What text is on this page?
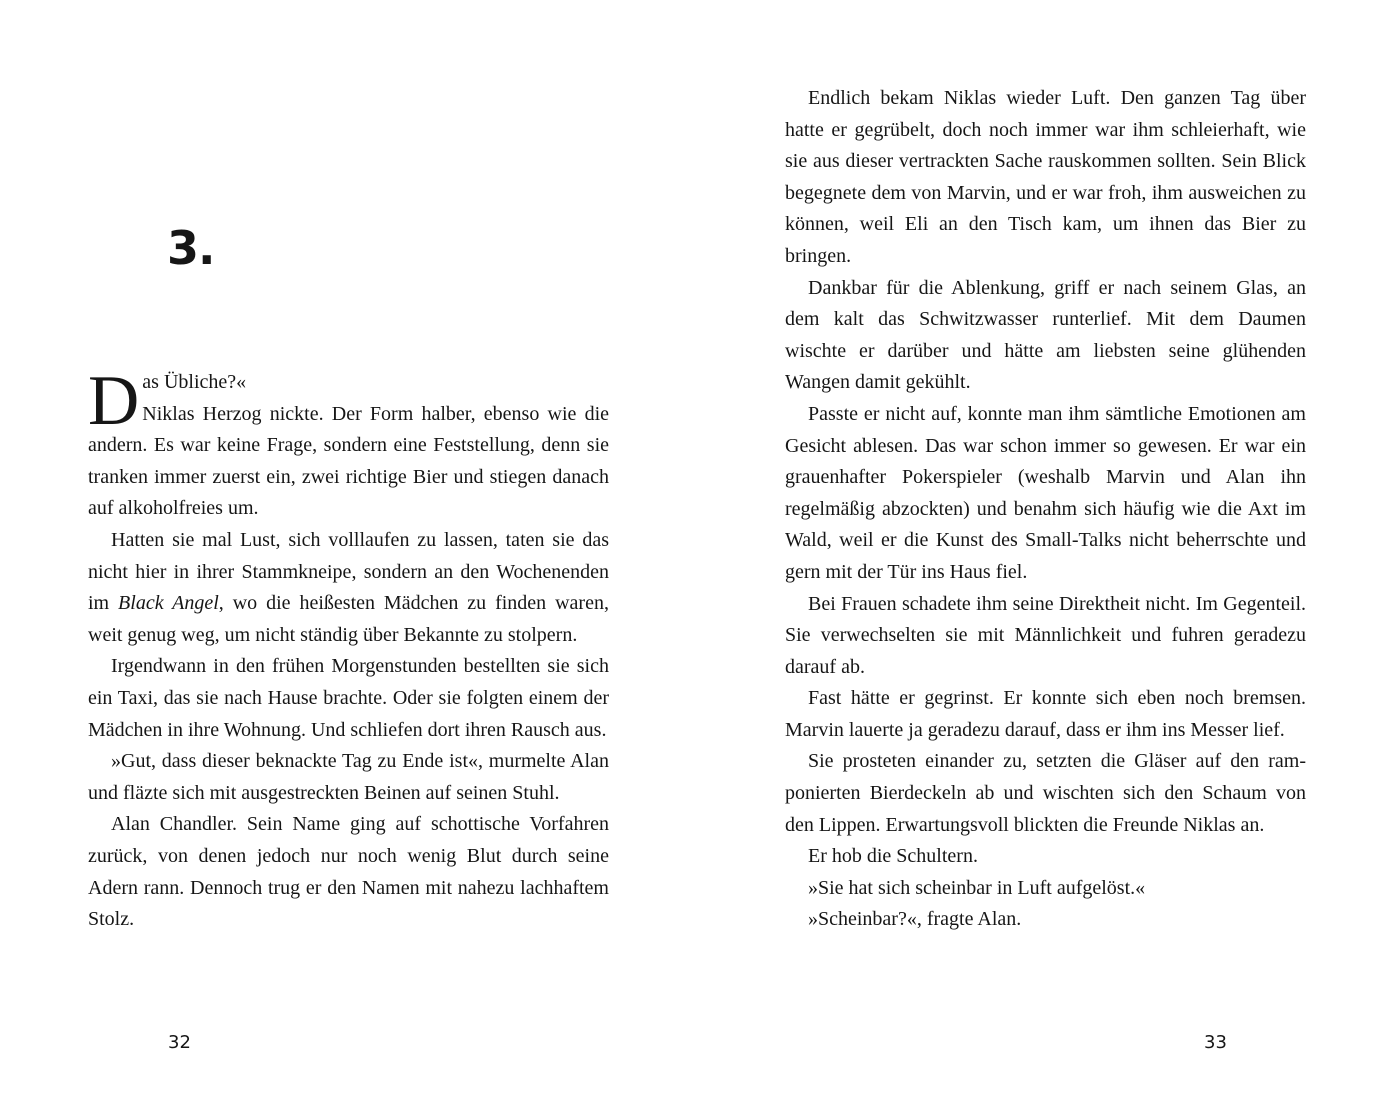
3.

Das Übliche?«
Niklas Herzog nickte. Der Form halber, ebenso wie die andern. Es war keine Frage, sondern eine Feststellung, denn sie tranken immer zuerst ein, zwei richtige Bier und stiegen danach auf alkoholfreies um.

Hatten sie mal Lust, sich volllaufen zu lassen, taten sie das nicht hier in ihrer Stammkneipe, sondern an den Wochenenden im Black Angel, wo die heißesten Mädchen zu finden waren, weit genug weg, um nicht ständig über Bekannte zu stolpern.

Irgendwann in den frühen Morgenstunden bestellten sie sich ein Taxi, das sie nach Hause brachte. Oder sie folgten einem der Mädchen in ihre Wohnung. Und schliefen dort ihren Rausch aus.

»Gut, dass dieser beknackte Tag zu Ende ist«, murmelte Alan und fläzte sich mit ausgestreckten Beinen auf seinen Stuhl.

Alan Chandler. Sein Name ging auf schottische Vorfahren zurück, von denen jedoch nur noch wenig Blut durch seine Adern rann. Dennoch trug er den Namen mit nahezu lachhaftem Stolz.

32

Endlich bekam Niklas wieder Luft. Den ganzen Tag über hatte er gegrübelt, doch noch immer war ihm schleierhaft, wie sie aus dieser vertrackten Sache rauskommen sollten. Sein Blick begegnete dem von Marvin, und er war froh, ihm ausweichen zu können, weil Eli an den Tisch kam, um ihnen das Bier zu bringen.

Dankbar für die Ablenkung, griff er nach seinem Glas, an dem kalt das Schwitzwasser runterlief. Mit dem Daumen wischte er darüber und hätte am liebsten seine glühenden Wangen damit gekühlt.

Passte er nicht auf, konnte man ihm sämtliche Emotionen am Gesicht ablesen. Das war schon immer so gewesen. Er war ein grauenhafter Pokerspieler (weshalb Marvin und Alan ihn regelmäßig abzockten) und benahm sich häufig wie die Axt im Wald, weil er die Kunst des Small-Talks nicht beherrschte und gern mit der Tür ins Haus fiel.

Bei Frauen schadete ihm seine Direktheit nicht. Im Gegenteil. Sie verwechselten sie mit Männlichkeit und fuhren geradezu darauf ab.

Fast hätte er gegrinst. Er konnte sich eben noch bremsen. Marvin lauerte ja geradezu darauf, dass er ihm ins Messer lief.

Sie prosteten einander zu, setzten die Gläser auf den ramponierten Bierdeckeln ab und wischten sich den Schaum von den Lippen. Erwartungsvoll blickten die Freunde Niklas an.

Er hob die Schultern.

»Sie hat sich scheinbar in Luft aufgelöst.«

»Scheinbar?«, fragte Alan.

33
